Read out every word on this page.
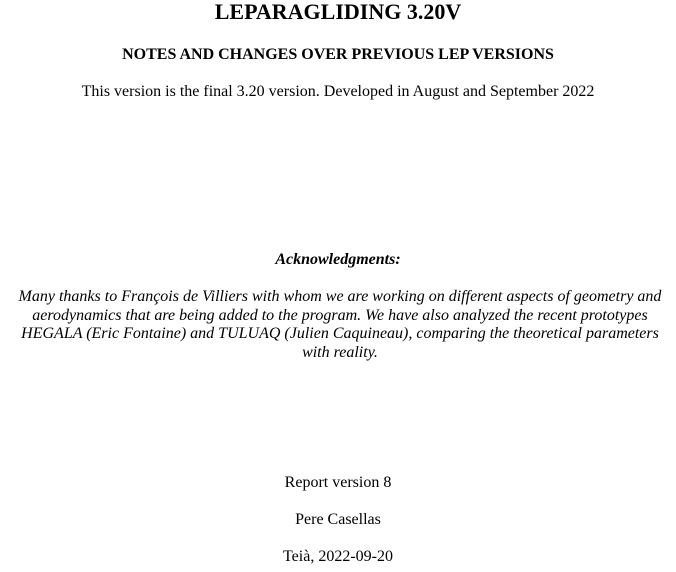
LEPARAGLIDING 3.20V
NOTES AND CHANGES OVER PREVIOUS LEP VERSIONS
This version is the final 3.20 version. Developed in August and September 2022
Acknowledgments:
Many thanks to François de Villiers with whom we are working on different aspects of geometry and
aerodynamics that are being added to the program. We have also analyzed the recent prototypes
HEGALA (Eric Fontaine) and TULUAQ (Julien Caquineau), comparing the theoretical parameters
with reality.
Report version 8
Pere Casellas
Teià, 2022-09-20
